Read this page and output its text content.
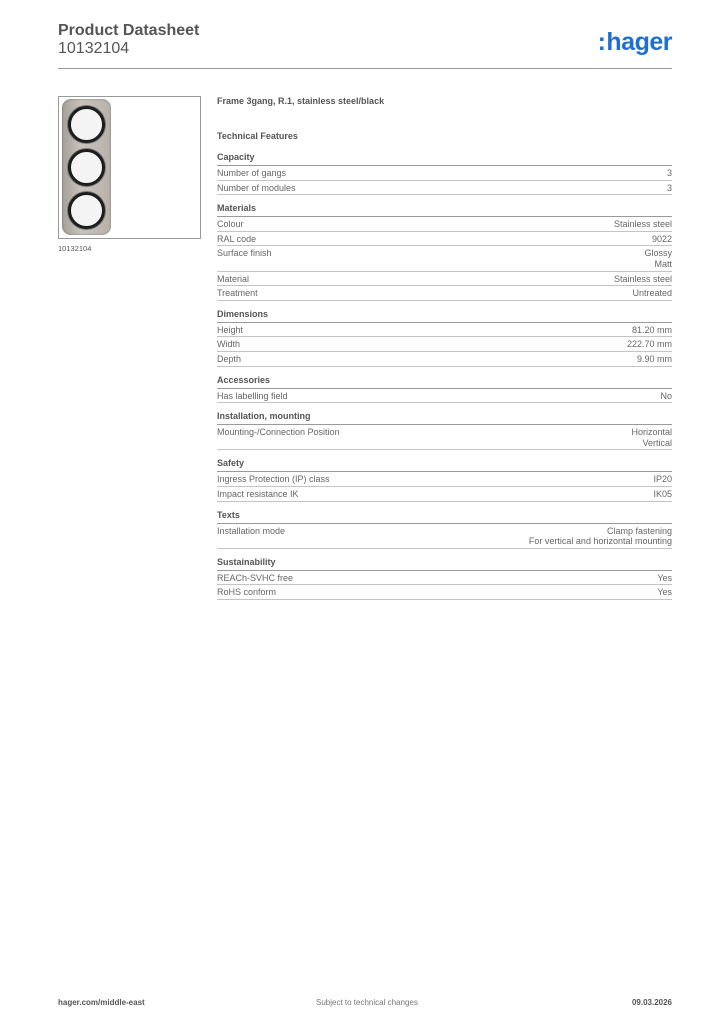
Product Datasheet
10132104	:hager
10132104
Frame 3gang, R.1, stainless steel/black
Technical Features
Capacity
Number of gangs	3
Number of modules	3
Materials
Colour	Stainless steel
RAL code	9022
Surface finish	Glossy
Matt
Material	Stainless steel
Treatment	Untreated
Dimensions
Height	81.20 mm
Width	222.70 mm
Depth	9.90 mm
Accessories
Has labelling field	No
Installation, mounting
Mounting-/Connection Position	Horizontal
Vertical
Safety
Ingress Protection (IP) class	IP20
Impact resistance IK	IK05
Texts
Installation mode	Clamp fastening
For vertical and horizontal mounting
Sustainability
REACh-SVHC free	Yes
RoHS conform	Yes
hager.com/middle-east	Subject to technical changes	09.03.2026
